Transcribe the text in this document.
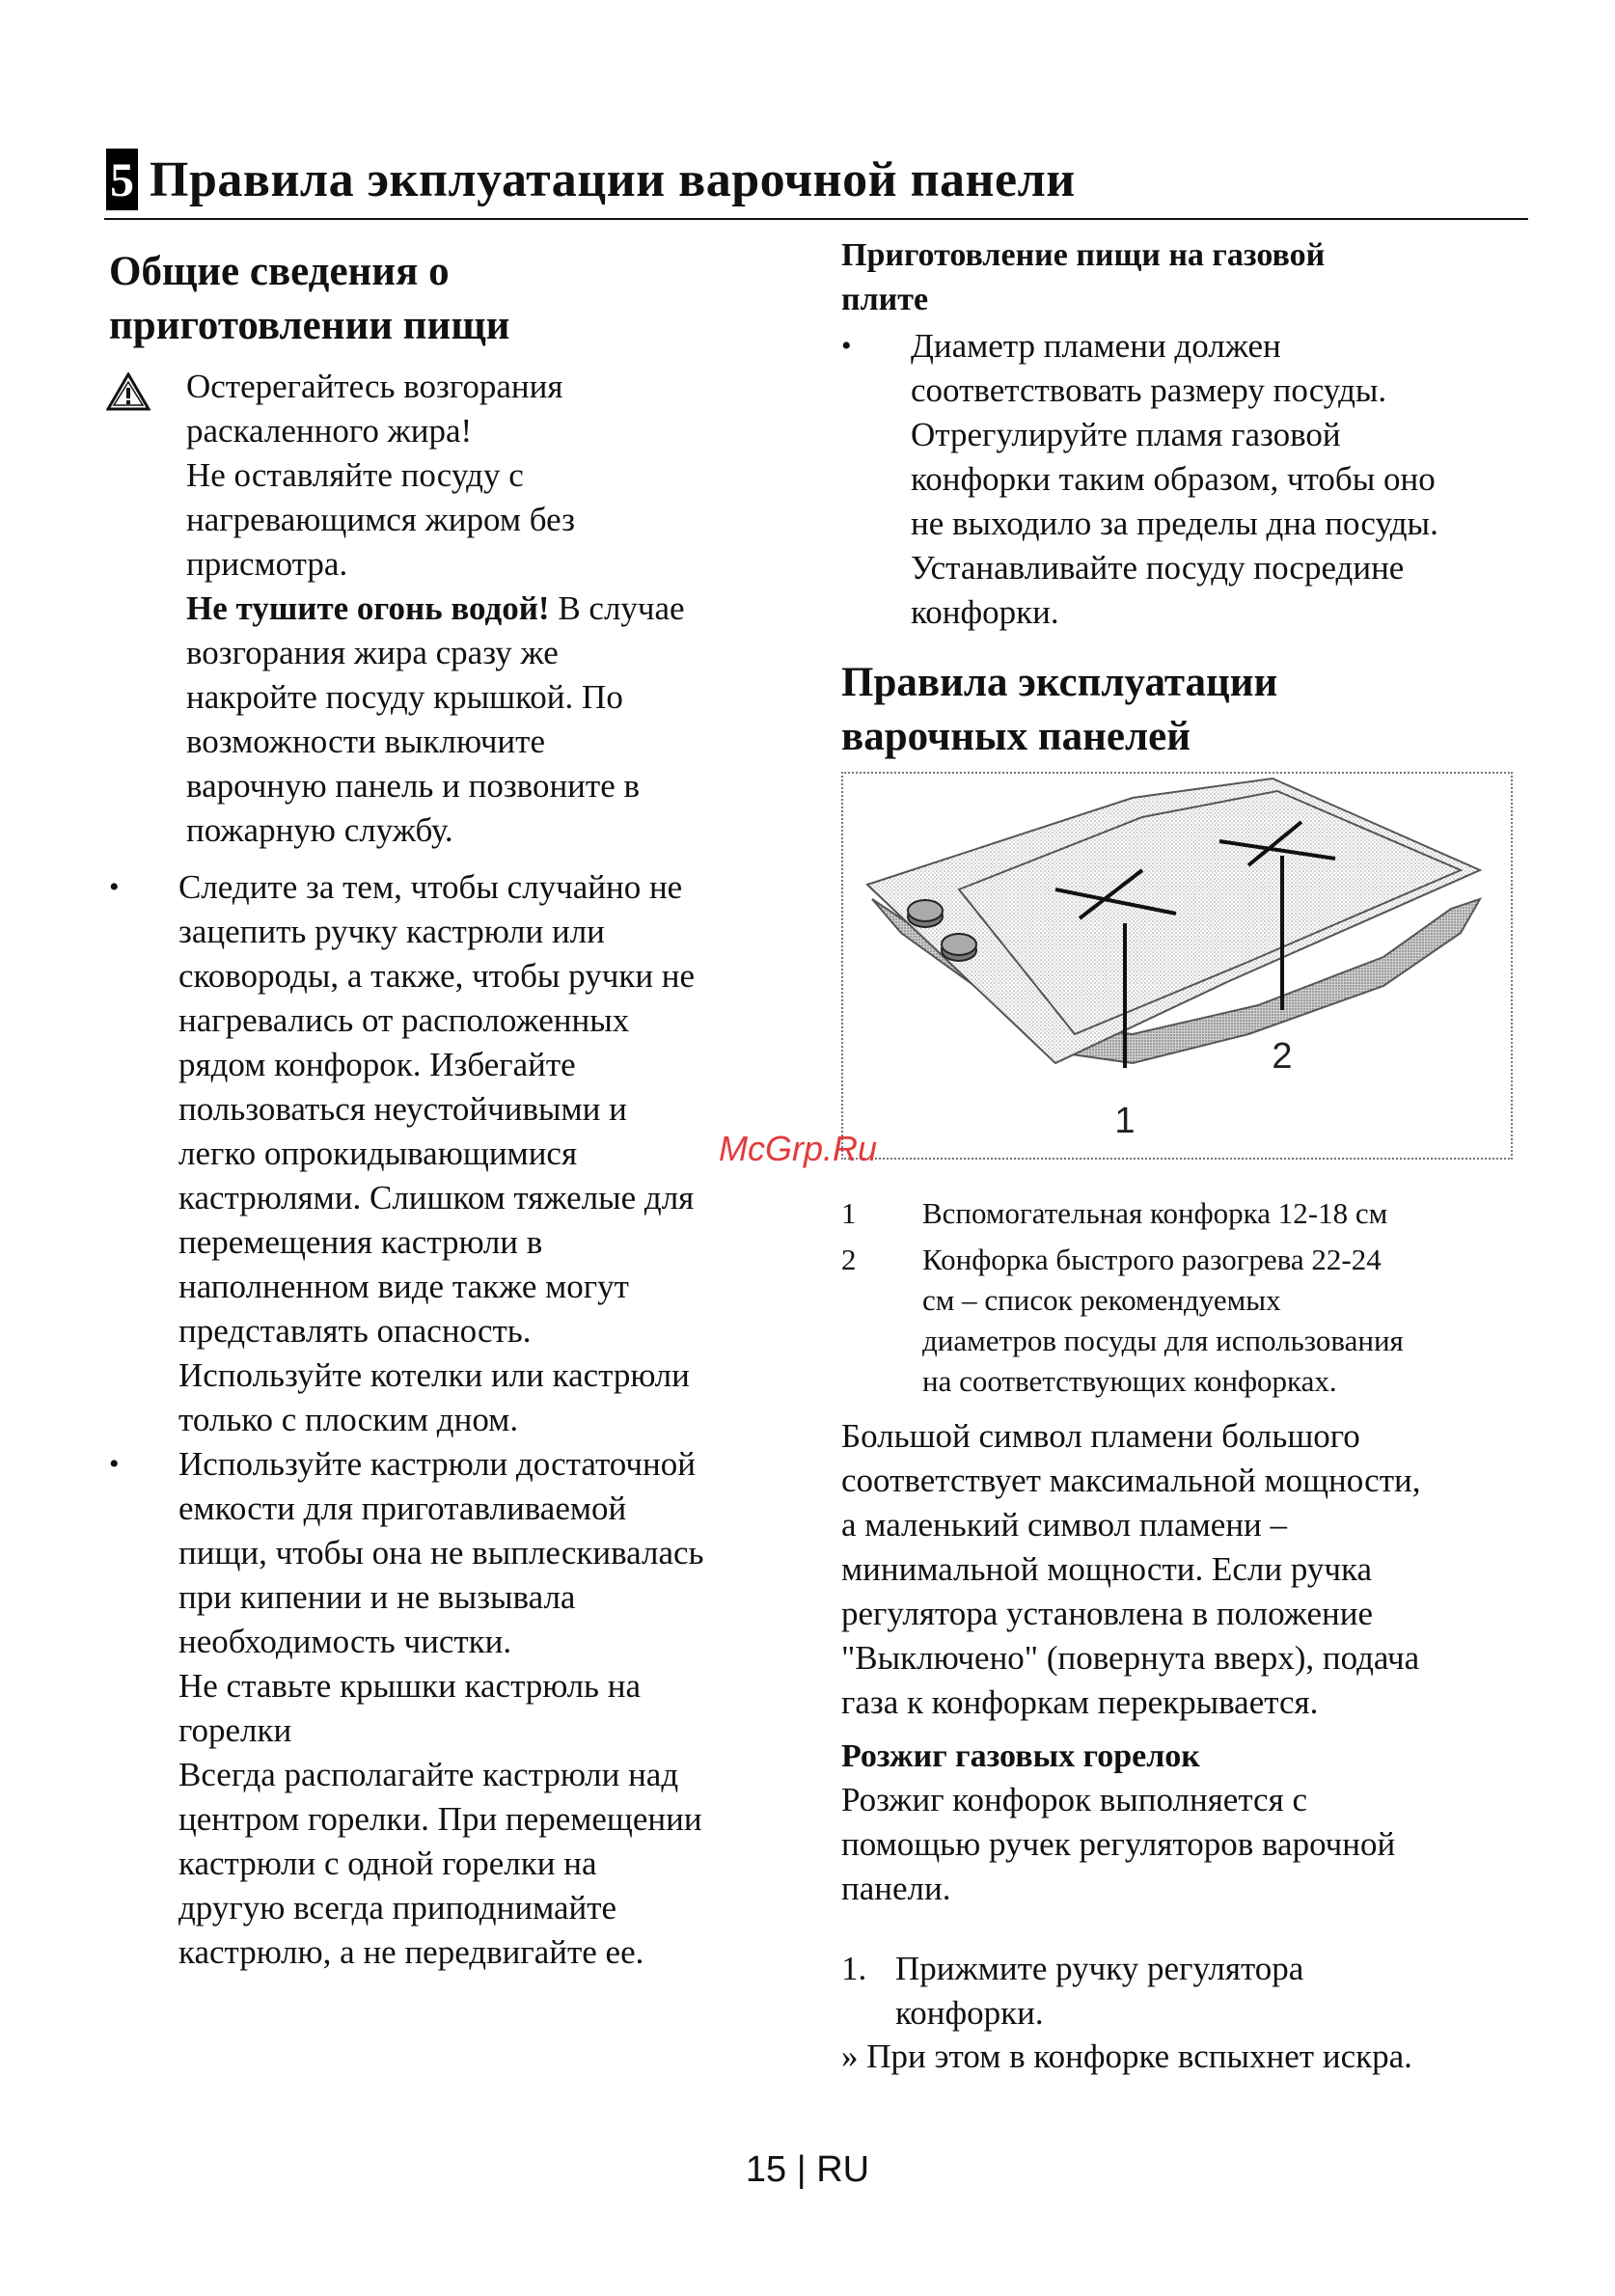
5 Правила экплуатации варочной панели
Общие сведения о
приготовлении пищи
Остерегайтесь возгорания
раскаленного жира!
Не оставляйте посуду с
нагревающимся жиром без
присмотра.
Не тушите огонь водой! В случае
возгорания жира сразу же
накройте посуду крышкой. По
возможности выключите
варочную панель и позвоните в
пожарную службу.
• Следите за тем, чтобы случайно не
зацепить ручку кастрюли или
сковороды, а также, чтобы ручки не
нагревались от расположенных
рядом конфорок. Избегайте
пользоваться неустойчивыми и
легко опрокидывающимися
кастрюлями. Слишком тяжелые для
перемещения кастрюли в
наполненном виде также могут
представлять опасность.
Используйте котелки или кастрюли
только с плоским дном.
• Используйте кастрюли достаточной
емкости для приготавливаемой
пищи, чтобы она не выплескивалась
при кипении и не вызывала
необходимость чистки.
Не ставьте крышки кастрюль на
горелки
Всегда располагайте кастрюли над
центром горелки. При перемещении
кастрюли с одной горелки на
другую всегда приподнимайте
кастрюлю, а не передвигайте ее.
Приготовление пищи на газовой
плите
• Диаметр пламени должен
соответствовать размеру посуды.
Отрегулируйте пламя газовой
конфорки таким образом, чтобы оно
не выходило за пределы дна посуды.
Устанавливайте посуду посредине
конфорки.
Правила эксплуатации
варочных панелей
1
2
McGrp.Ru
1 Вспомогательная конфорка 12-18 см
2 Конфорка быстрого разогрева 22-24
см – список рекомендуемых
диаметров посуды для использования
на соответствующих конфорках.
Большой символ пламени большого
соответствует максимальной мощности,
а маленький символ пламени –
минимальной мощности. Если ручка
регулятора установлена в положение
"Выключено" (повернута вверх), подача
газа к конфоркам перекрывается.
Розжиг газовых горелок
Розжиг конфорок выполняется с
помощью ручек регуляторов варочной
панели.
1. Прижмите ручку регулятора
конфорки.
» При этом в конфорке вспыхнет искра.
15 | RU
